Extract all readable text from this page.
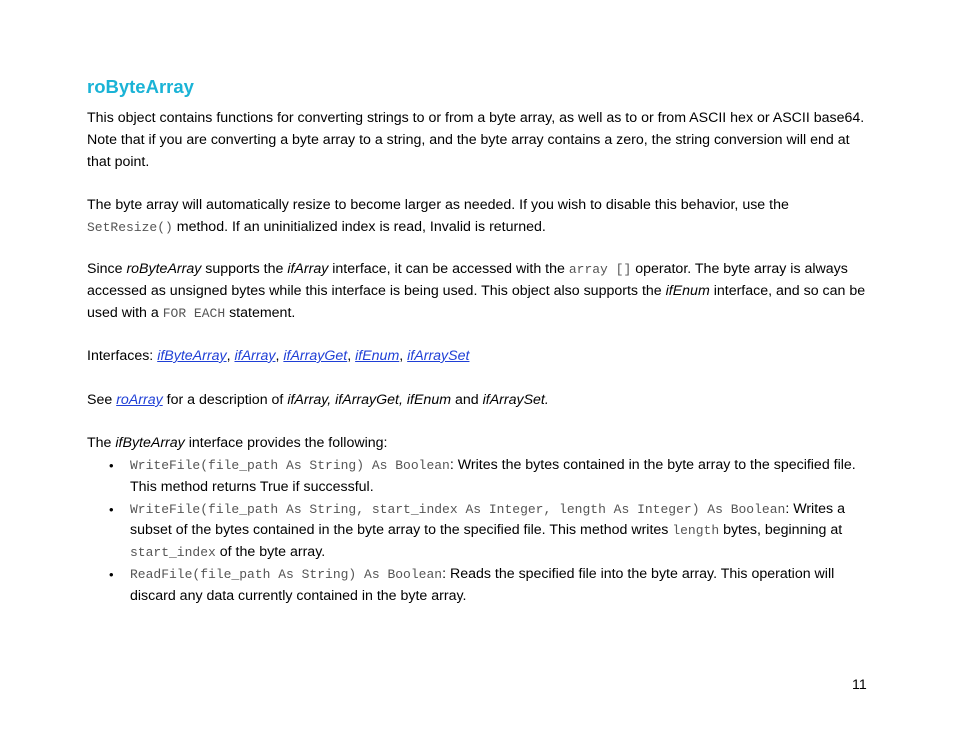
roByteArray

This object contains functions for converting strings to or from a byte array, as well as to or from ASCII hex or ASCII base64. Note that if you are converting a byte array to a string, and the byte array contains a zero, the string conversion will end at that point.

The byte array will automatically resize to become larger as needed. If you wish to disable this behavior, use the SetResize() method. If an uninitialized index is read, Invalid is returned.

Since roByteArray supports the ifArray interface, it can be accessed with the array [] operator. The byte array is always accessed as unsigned bytes while this interface is being used. This object also supports the ifEnum interface, and so can be used with a FOR EACH statement.

Interfaces: ifByteArray, ifArray, ifArrayGet, ifEnum, ifArraySet

See roArray for a description of ifArray, ifArrayGet, ifEnum and ifArraySet.

The ifByteArray interface provides the following:

• WriteFile(file_path As String) As Boolean: Writes the bytes contained in the byte array to the specified file. This method returns True if successful.
• WriteFile(file_path As String, start_index As Integer, length As Integer) As Boolean: Writes a subset of the bytes contained in the byte array to the specified file. This method writes length bytes, beginning at start_index of the byte array.
• ReadFile(file_path As String) As Boolean: Reads the specified file into the byte array. This operation will discard any data currently contained in the byte array.
11
